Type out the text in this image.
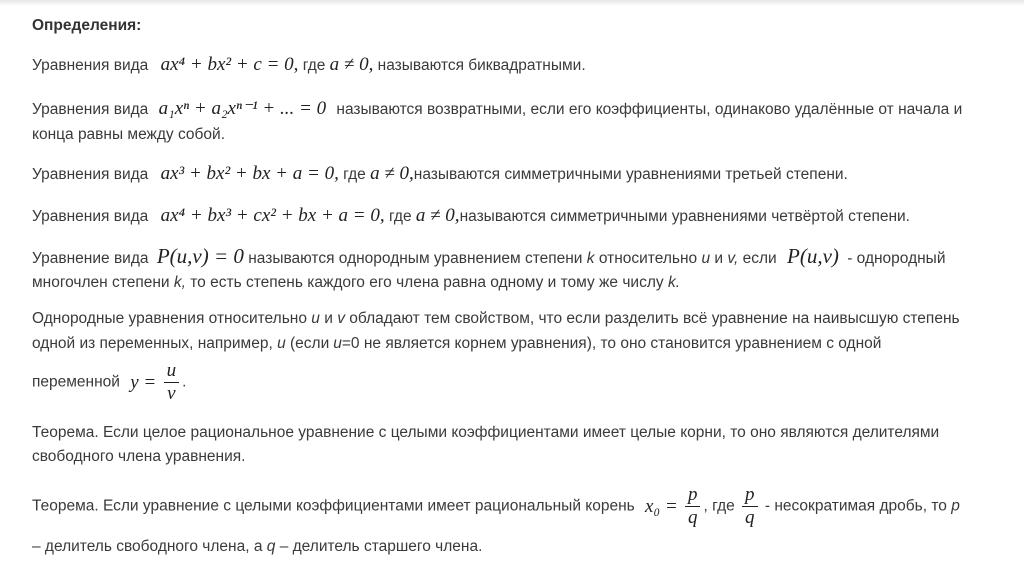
Определения:
Уравнения вида ax⁴ + bx² + c = 0, где a ≠ 0, называются биквадратными.
Уравнения вида a₁xⁿ + a₂xⁿ⁻¹ + ... = 0 называются возвратными, если его коэффициенты, одинаково удалённые от начала и
конца равны между собой.
Уравнения вида ax³ + bx² + bx + a = 0, где a ≠ 0,называются симметричными уравнениями третьей степени.
Уравнения вида ax⁴ + bx³ + cx² + bx + a = 0, где a ≠ 0,называются симметричными уравнениями четвёртой степени.
Уравнение вида P(u,v) = 0 называются однородным уравнением степени k относительно u и v, если P(u,v) - однородный
многочлен степени k, то есть степень каждого его члена равна одному и тому же числу k.
Однородные уравнения относительно u и v обладают тем свойством, что если разделить всё уравнение на наивысшую степень
одной из переменных, например, u (если u=0 не является корнем уравнения), то оно становится уравнением с одной
переменной $y = \frac{u}{v}$ .
Теорема. Если целое рациональное уравнение с целыми коэффициентами имеет целые корни, то оно являются делителями
свободного члена уравнения.
Теорема. Если уравнение с целыми коэффициентами имеет рациональный корень $x_0 = \frac{p}{q}$ , где $\frac{p}{q}$ - несократимая дробь, то p
– делитель свободного члена, а q – делитель старшего члена.
